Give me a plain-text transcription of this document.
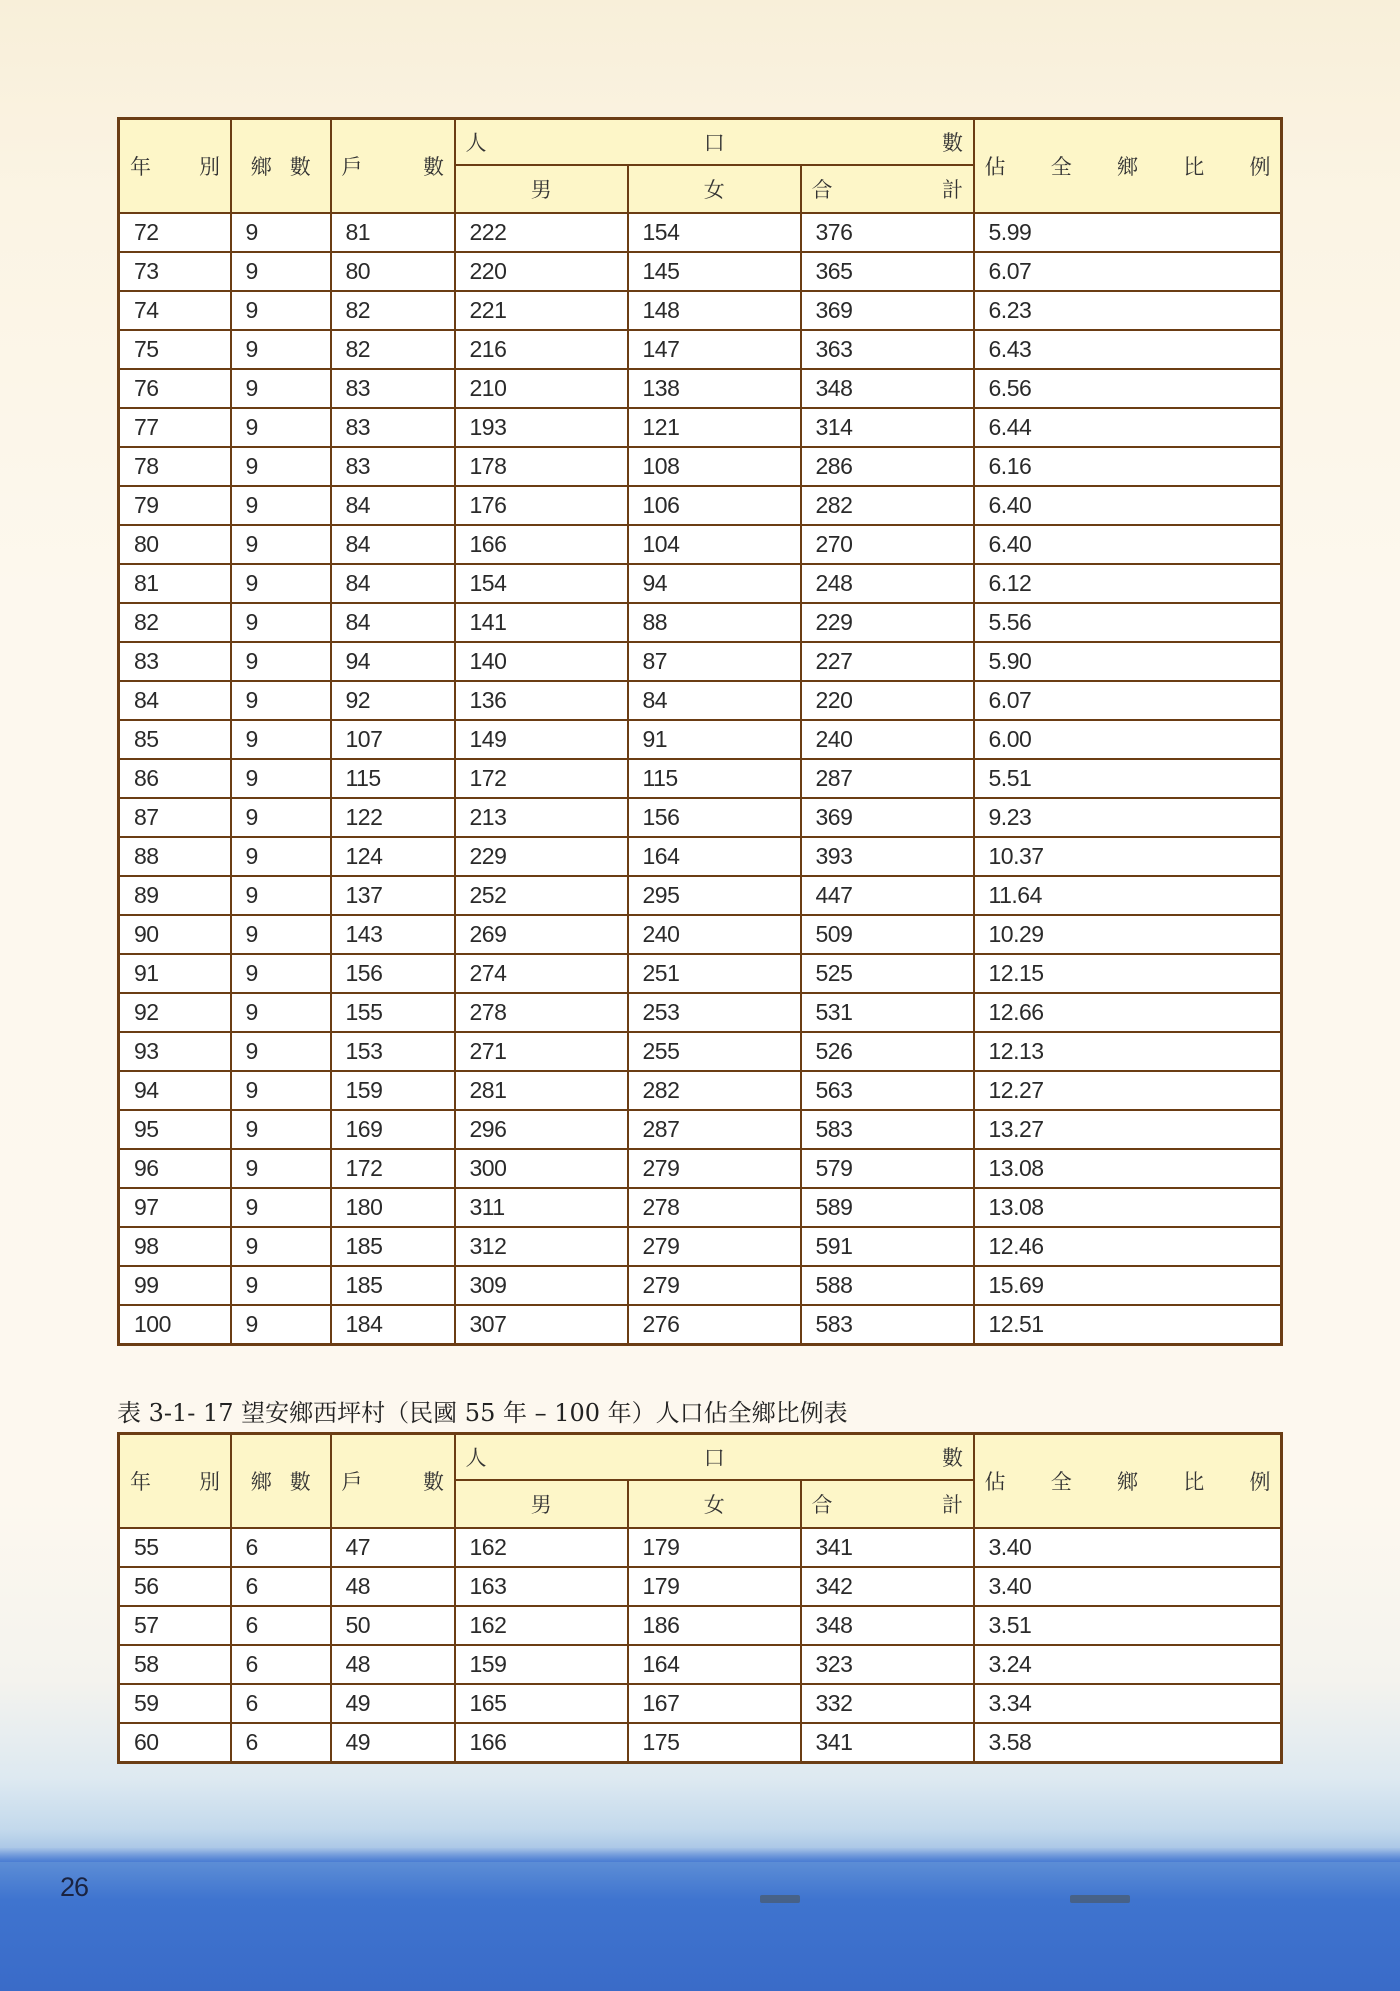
年 別	鄉 數	戶 數	人 口 數			佔 全 鄉 比 例

			男	女	合 計	

72	9	81	222	154	376	5.99
73	9	80	220	145	365	6.07
74	9	82	221	148	369	6.23
75	9	82	216	147	363	6.43
76	9	83	210	138	348	6.56
77	9	83	193	121	314	6.44
78	9	83	178	108	286	6.16
79	9	84	176	106	282	6.40
80	9	84	166	104	270	6.40
81	9	84	154	94	248	6.12
82	9	84	141	88	229	5.56
83	9	94	140	87	227	5.90
84	9	92	136	84	220	6.07
85	9	107	149	91	240	6.00
86	9	115	172	115	287	5.51
87	9	122	213	156	369	9.23
88	9	124	229	164	393	10.37
89	9	137	252	295	447	11.64
90	9	143	269	240	509	10.29
91	9	156	274	251	525	12.15
92	9	155	278	253	531	12.66
93	9	153	271	255	526	12.13
94	9	159	281	282	563	12.27
95	9	169	296	287	583	13.27
96	9	172	300	279	579	13.08
97	9	180	311	278	589	13.08
98	9	185	312	279	591	12.46
99	9	185	309	279	588	15.69
100	9	184	307	276	583	12.51
表 3-1- 17 望安鄉西坪村（民國 55 年 – 100 年）人口佔全鄉比例表
年 別	鄉 數	戶 數	人 口 數			佔 全 鄉 比 例

			男	女	合 計	

55	6	47	162	179	341	3.40
56	6	48	163	179	342	3.40
57	6	50	162	186	348	3.51
58	6	48	159	164	323	3.24
59	6	49	165	167	332	3.34
60	6	49	166	175	341	3.58
26
